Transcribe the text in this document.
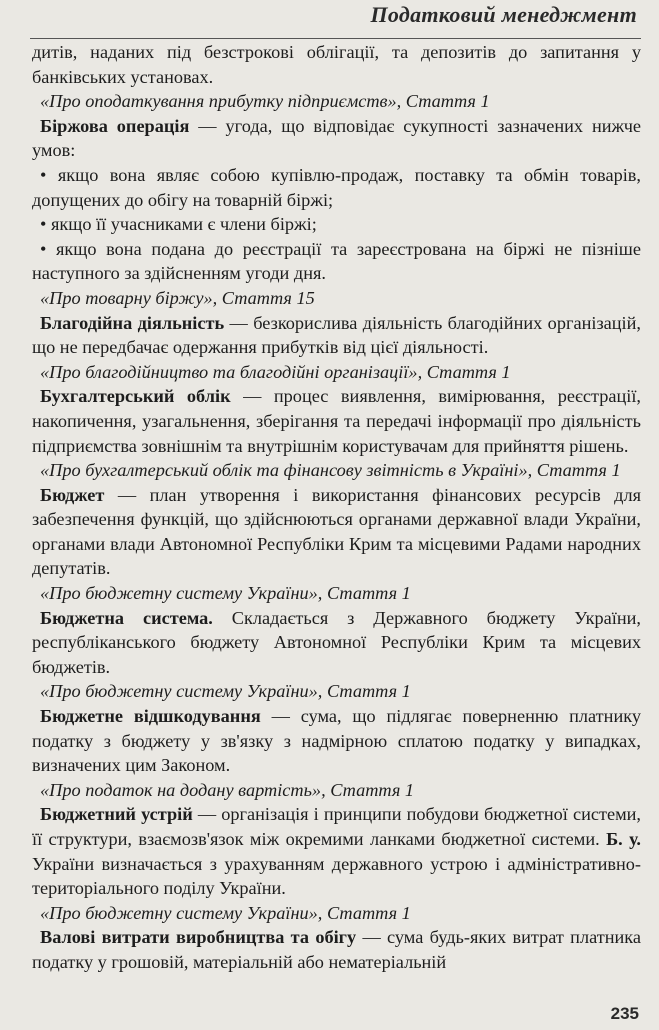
Податковий менеджмент

дитів, наданих під безстрокові облігації, та депозитів до запитання у банківських установах.

«Про оподаткування прибутку підприємств», Стаття 1

Біржова операція — угода, що відповідає сукупності зазначених нижче умов:

• якщо вона являє собою купівлю-продаж, поставку та обмін товарів, допущених до обігу на товарній біржі;

• якщо її учасниками є члени біржі;

• якщо вона подана до реєстрації та зареєстрована на біржі не пізніше наступного за здійсненням угоди дня.

«Про товарну біржу», Стаття 15

Благодійна діяльність — безкорислива діяльність благодійних організацій, що не передбачає одержання прибутків від цієї діяльності.

«Про благодійництво та благодійні організації», Стаття 1

Бухгалтерський облік — процес виявлення, вимірювання, реєстрації, накопичення, узагальнення, зберігання та передачі інформації про діяльність підприємства зовнішнім та внутрішнім користувачам для прийняття рішень.

«Про бухгалтерський облік та фінансову звітність в Україні», Стаття 1

Бюджет — план утворення і використання фінансових ресурсів для забезпечення функцій, що здійснюються органами державної влади України, органами влади Автономної Республіки Крим та місцевими Радами народних депутатів.

«Про бюджетну систему України», Стаття 1

Бюджетна система. Складається з Державного бюджету України, республіканського бюджету Автономної Республіки Крим та місцевих бюджетів.

«Про бюджетну систему України», Стаття 1

Бюджетне відшкодування — сума, що підлягає поверненню платнику податку з бюджету у зв'язку з надмірною сплатою податку у випадках, визначених цим Законом.

«Про податок на додану вартість», Стаття 1

Бюджетний устрій — організація і принципи побудови бюджетної системи, її структури, взаємозв'язок між окремими ланками бюджетної системи. Б. у. України визначається з урахуванням державного устрою і адміністративно-територіального поділу України.

«Про бюджетну систему України», Стаття 1

Валові витрати виробництва та обігу — сума будь-яких витрат платника податку у грошовій, матеріальній або нематеріальній

235
